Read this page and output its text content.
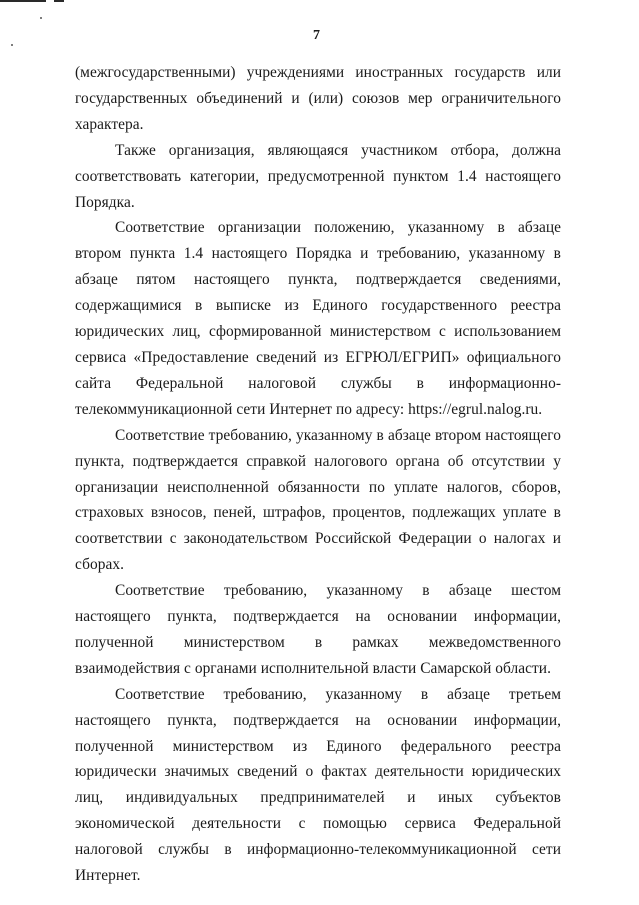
7

(межгосударственными) учреждениями иностранных государств или государственных объединений и (или) союзов мер ограничительного характера.

Также организация, являющаяся участником отбора, должна соответствовать категории, предусмотренной пунктом 1.4 настоящего Порядка.

Соответствие организации положению, указанному в абзаце втором пункта 1.4 настоящего Порядка и требованию, указанному в абзаце пятом настоящего пункта, подтверждается сведениями, содержащимися в выписке из Единого государственного реестра юридических лиц, сформированной министерством с использованием сервиса «Предоставление сведений из ЕГРЮЛ/ЕГРИП» официального сайта Федеральной налоговой службы в информационно-телекоммуникационной сети Интернет по адресу: https://egrul.nalog.ru.

Соответствие требованию, указанному в абзаце втором настоящего пункта, подтверждается справкой налогового органа об отсутствии у организации неисполненной обязанности по уплате налогов, сборов, страховых взносов, пеней, штрафов, процентов, подлежащих уплате в соответствии с законодательством Российской Федерации о налогах и сборах.

Соответствие требованию, указанному в абзаце шестом настоящего пункта, подтверждается на основании информации, полученной министерством в рамках межведомственного взаимодействия с органами исполнительной власти Самарской области.

Соответствие требованию, указанному в абзаце третьем настоящего пункта, подтверждается на основании информации, полученной министерством из Единого федерального реестра юридически значимых сведений о фактах деятельности юридических лиц, индивидуальных предпринимателей и иных субъектов экономической деятельности с помощью сервиса Федеральной налоговой службы в информационно-телекоммуникационной сети Интернет.
